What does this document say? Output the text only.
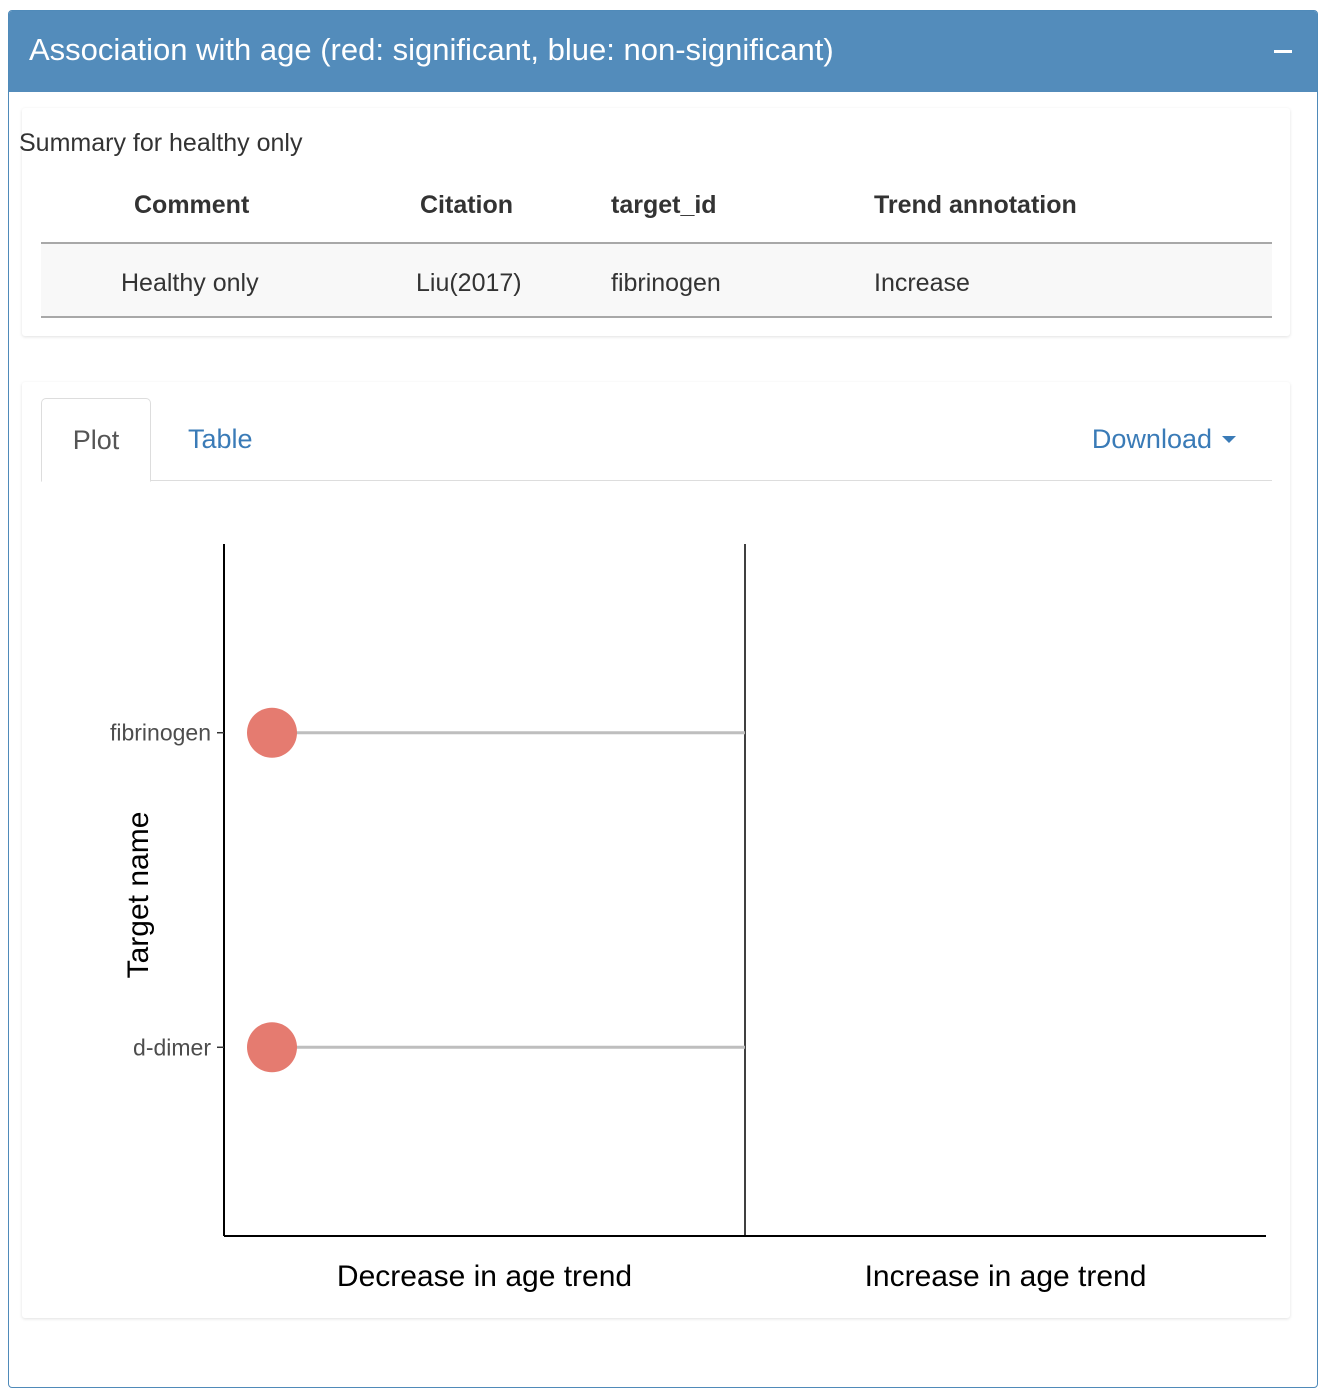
Association with age (red: significant, blue: non-significant)
Summary for healthy only
Comment	Citation	target_id	Trend annotation
Healthy only	Liu(2017)	fibrinogen	Increase
Plot	Table	Download
fibrinogen
d-dimer
Decrease in age trend	Increase in age trend
Target name
